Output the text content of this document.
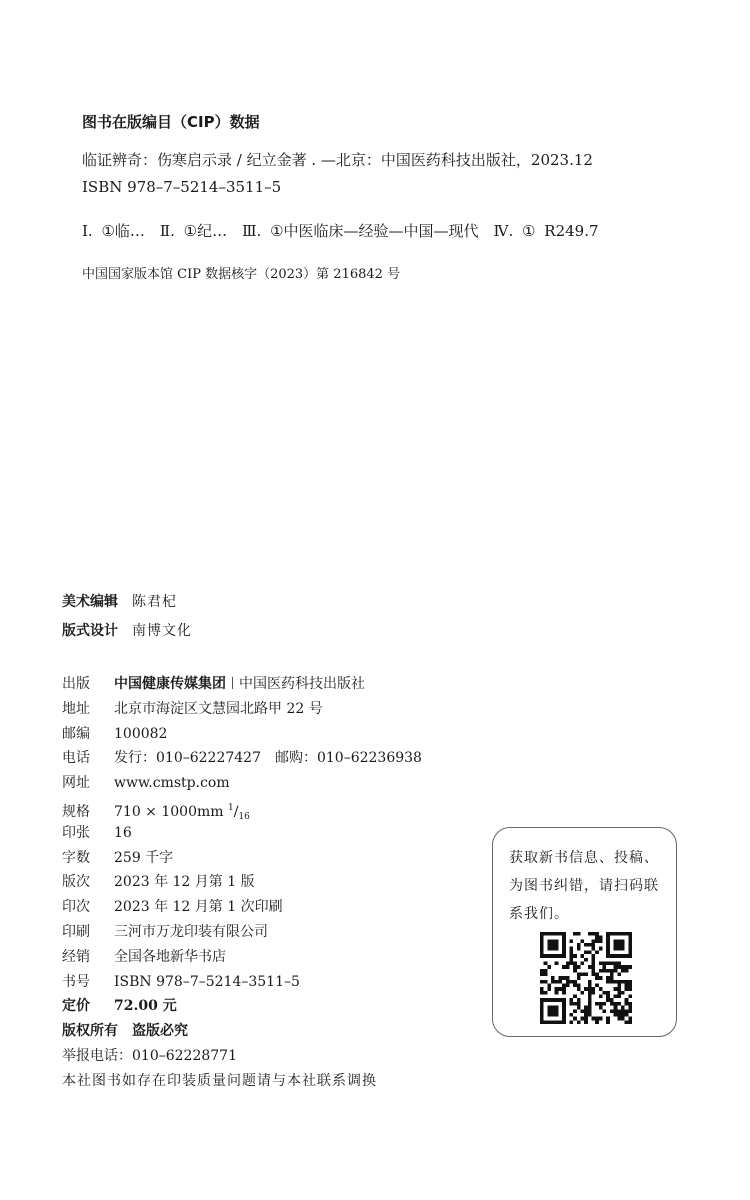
图书在版编目（CIP）数据
临证辨奇：伤寒启示录 / 纪立金著 . —北京：中国医药科技出版社，2023.12
ISBN 978–7–5214–3511–5
Ⅰ. ①临…　Ⅱ. ①纪…　Ⅲ. ①中医临床—经验—中国—现代　Ⅳ. ① R249.7
中国国家版本馆 CIP 数据核字（2023）第 216842 号
美术编辑 陈君杞
版式设计 南博文化
出版 中国健康传媒集团 中国医药科技出版社
地址 北京市海淀区文慧园北路甲 22 号
邮编 100082
电话 发行：010–62227427　邮购：010–62236938
网址 www.cmstp.com
规格 710 × 1000mm $^1/_{16}$
印张 16
字数 259 千字
版次 2023 年 12 月第 1 版
印次 2023 年 12 月第 1 次印刷
印刷 三河市万龙印装有限公司
经销 全国各地新华书店
书号 ISBN 978–7–5214–3511–5
定价 72.00 元
版权所有　盗版必究
举报电话：010–62228771
本社图书如存在印装质量问题请与本社联系调换
获取新书信息、投稿、为图书纠错，请扫码联系我们。
